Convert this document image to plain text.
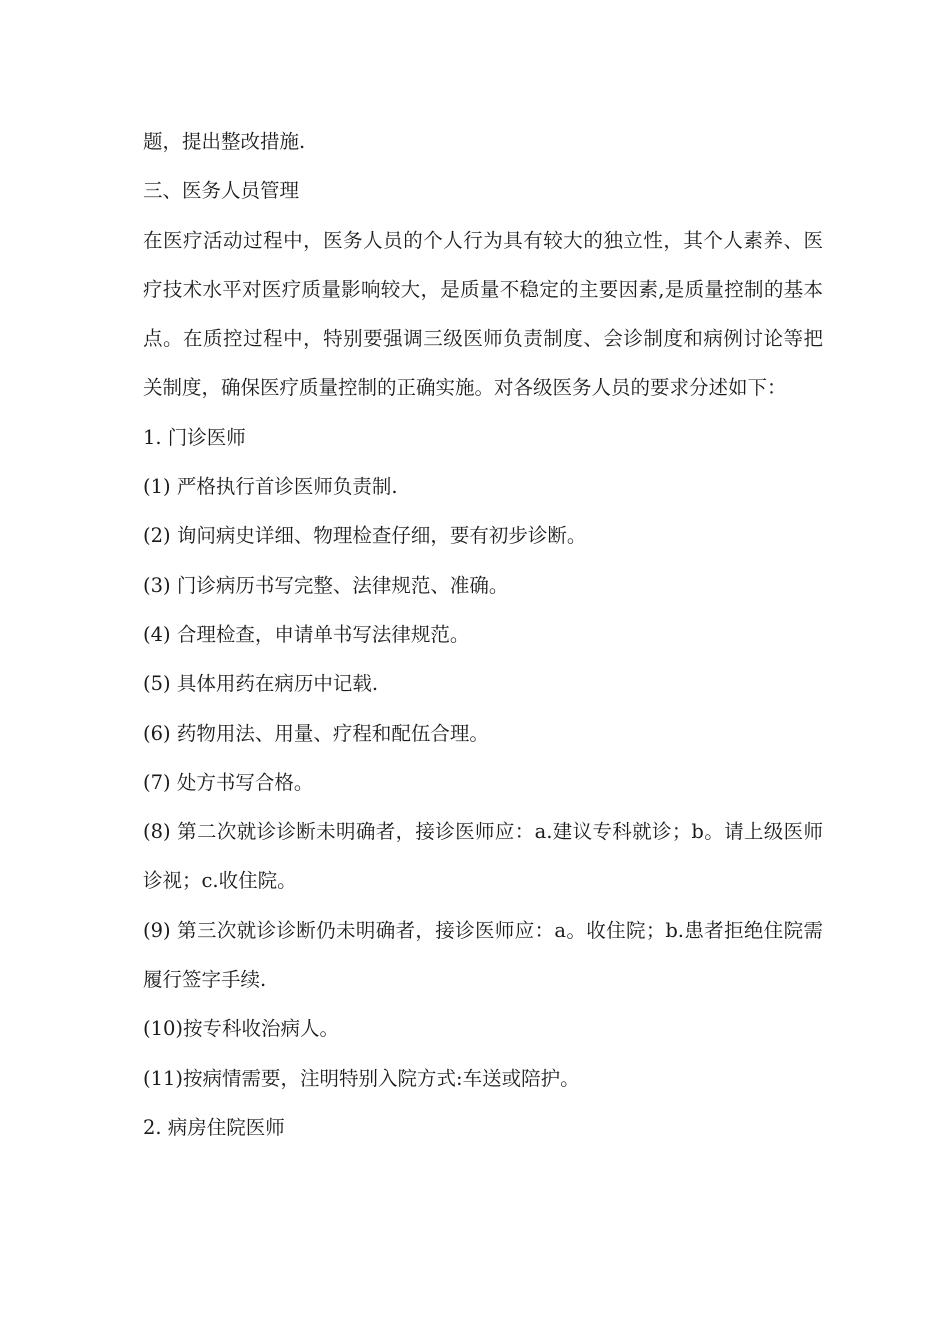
题，提出整改措施.

三、医务人员管理

在医疗活动过程中，医务人员的个人行为具有较大的独立性，其个人素养、医疗技术水平对医疗质量影响较大，是质量不稳定的主要因素,是质量控制的基本点。在质控过程中，特别要强调三级医师负责制度、会诊制度和病例讨论等把关制度，确保医疗质量控制的正确实施。对各级医务人员的要求分述如下：

1. 门诊医师

(1) 严格执行首诊医师负责制.

(2) 询问病史详细、物理检查仔细，要有初步诊断。

(3) 门诊病历书写完整、法律规范、准确。

(4) 合理检查，申请单书写法律规范。

(5) 具体用药在病历中记载.

(6) 药物用法、用量、疗程和配伍合理。

(7) 处方书写合格。

(8) 第二次就诊诊断未明确者，接诊医师应：a.建议专科就诊；b。请上级医师诊视；c.收住院。

(9) 第三次就诊诊断仍未明确者，接诊医师应：a。收住院；b.患者拒绝住院需履行签字手续.

(10)按专科收治病人。

(11)按病情需要，注明特别入院方式:车送或陪护。

2. 病房住院医师
